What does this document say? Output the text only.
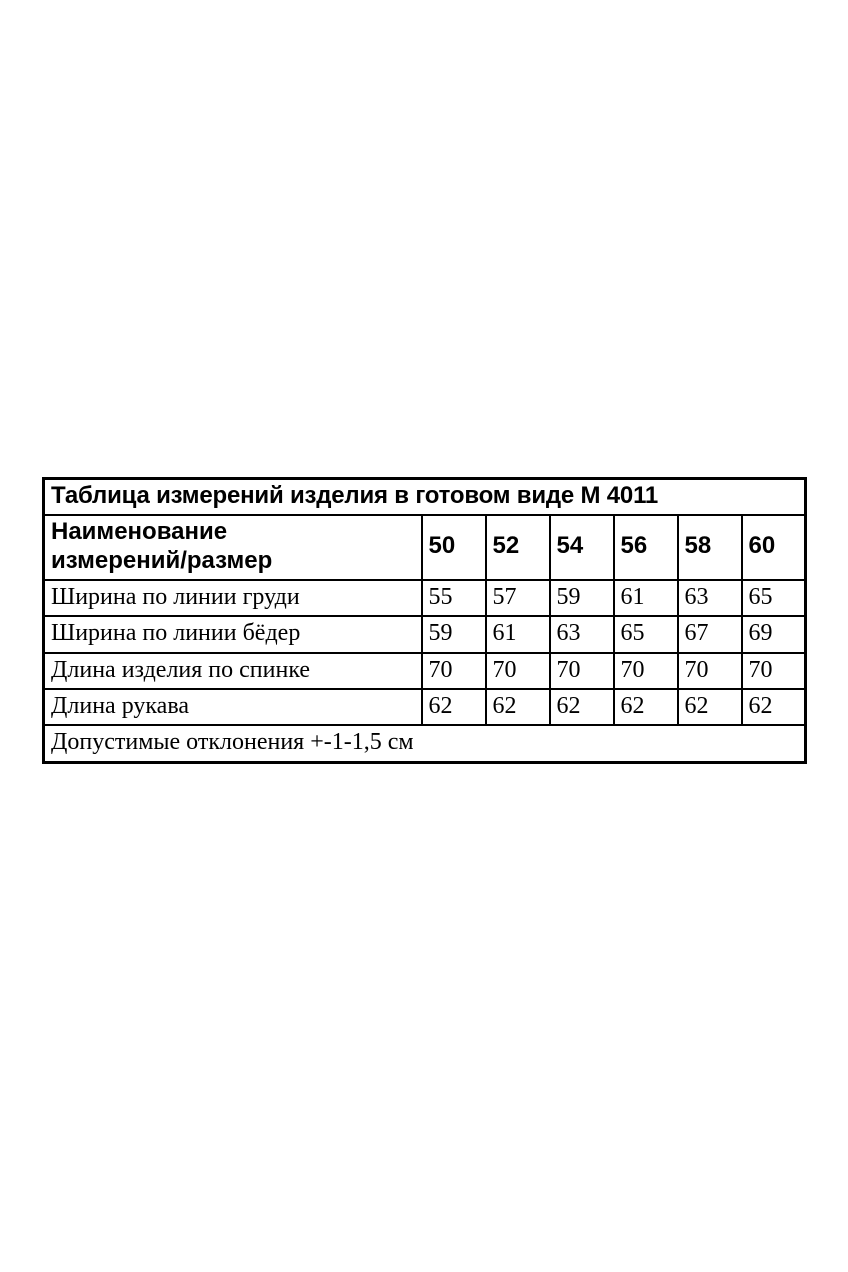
Таблица измерений изделия в готовом виде М 4011						

Наименование
измерений/размер	50	52	54	56	58	60
Ширина по линии груди	55	57	59	61	63	65
Ширина по линии бёдер	59	61	63	65	67	69
Длина изделия по спинке	70	70	70	70	70	70
Длина рукава	62	62	62	62	62	62
Допустимые отклонения +-1-1,5 см						
